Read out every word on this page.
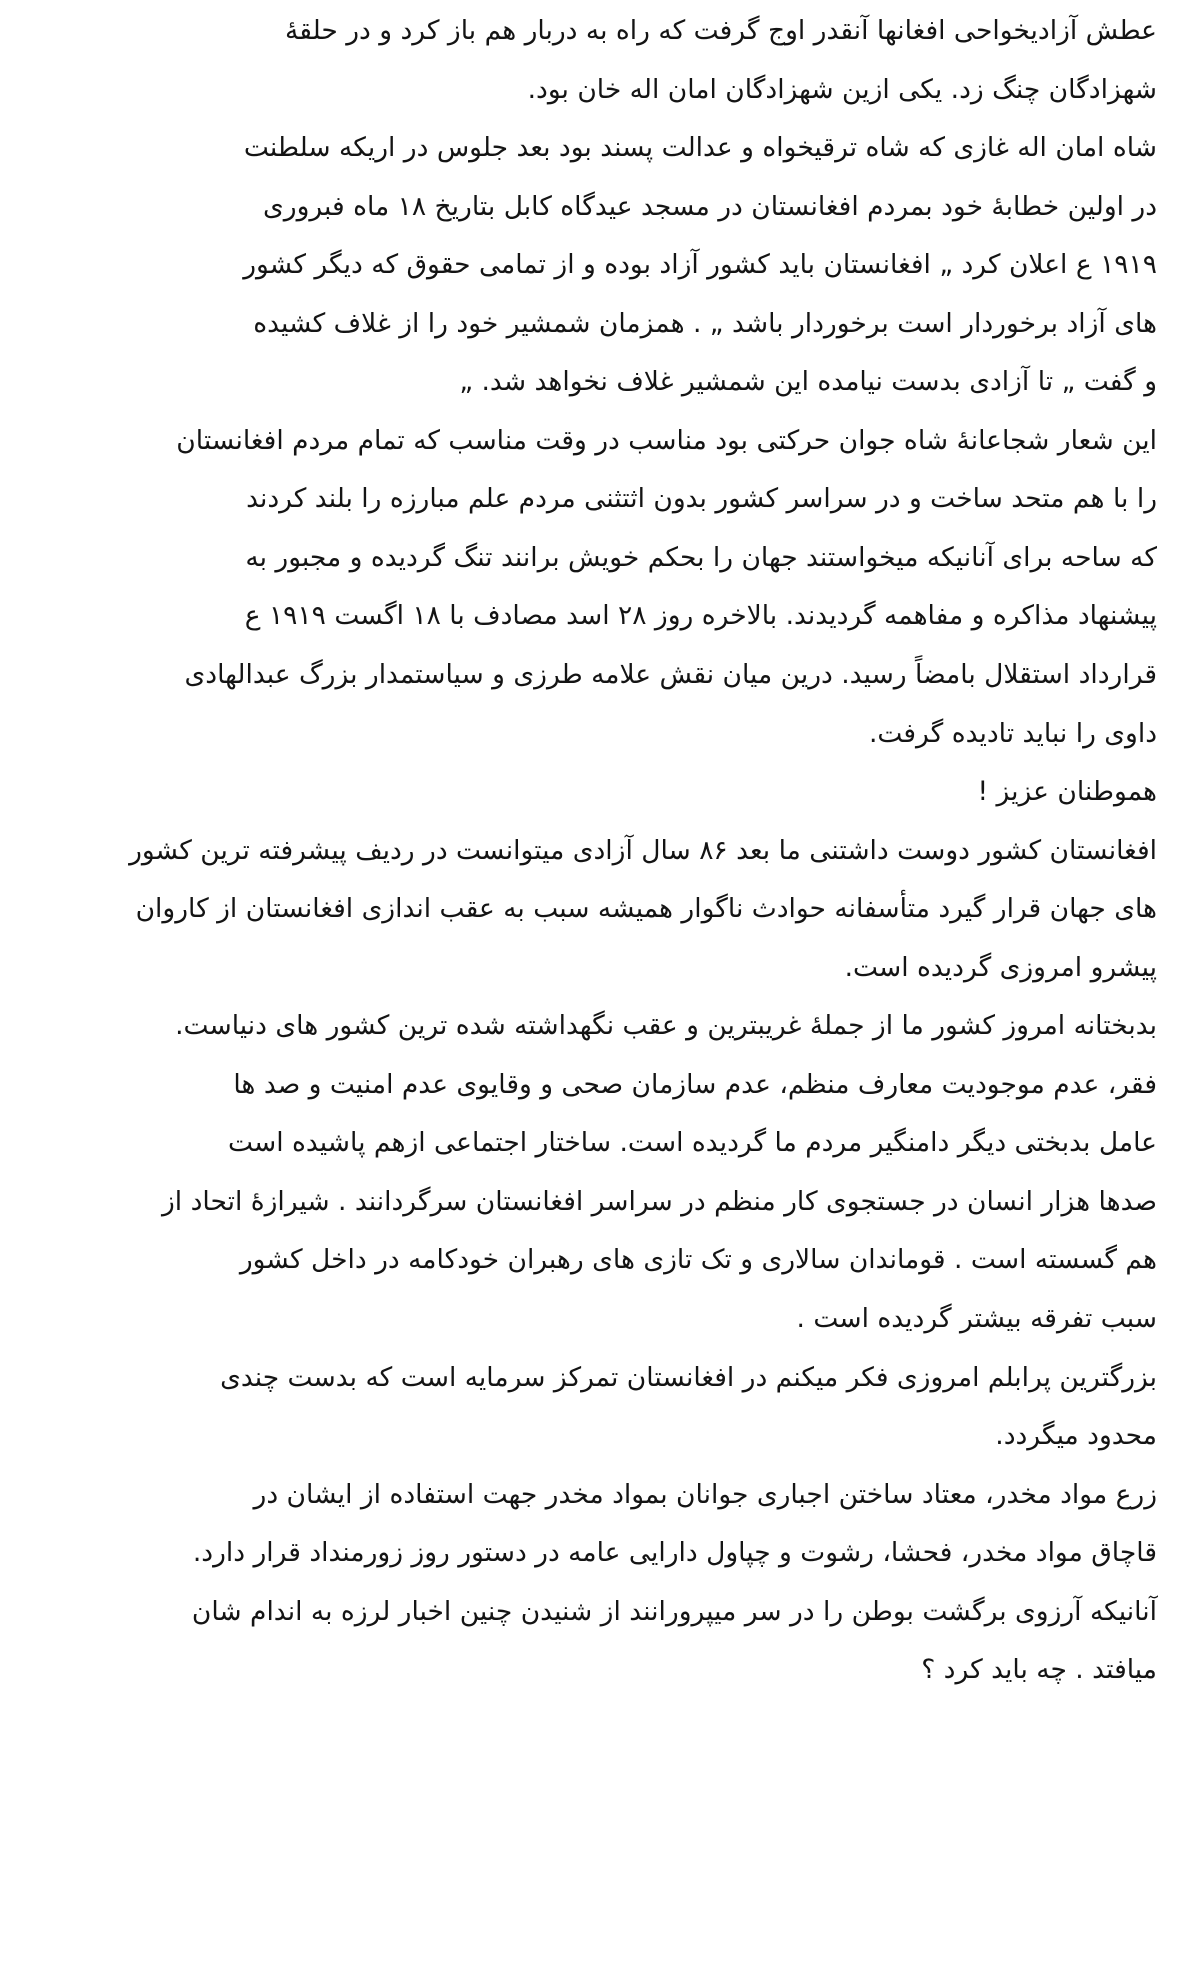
عطش آزادیخواحی افغانها آنقدر اوج گرفت که راه به دربار هم باز کرد و در حلقهٔ
شهزادگان چنگ زد. یکی ازین شهزادگان امان اله خان بود.
شاه امان اله غازی که شاه ترقیخواه و عدالت پسند بود بعد جلوس در اریکه سلطنت
در اولین خطابهٔ خود بمردم افغانستان در مسجد عیدگاه کابل بتاریخ ۱۸ ماه فبروری
۱۹۱۹ ع اعلان کرد „ افغانستان باید کشور آزاد بوده و از تمامی حقوق که دیگر کشور
های آزاد برخوردار است برخوردار باشد „ . همزمان شمشیر خود را از غلاف کشیده
و گفت „ تا آزادی بدست نیامده این شمشیر غلاف نخواهد شد. „
این شعار شجاعانهٔ شاه جوان حرکتی بود مناسب در وقت مناسب که تمام مردم افغانستان
را با هم متحد ساخت و در سراسر کشور بدون اثتثنی مردم علم مبارزه را بلند کردند
که ساحه برای آنانیکه میخواستند جهان را بحکم خویش برانند تنگ گردیده و مجبور به
پیشنهاد مذاکره و مفاهمه گردیدند. بالاخره روز ۲۸ اسد مصادف با ۱۸ اگست ۱۹۱۹ ع
قرارداد استقلال بامضاً رسید. درین میان نقش علامه طرزی و سیاستمدار بزرگ عبدالهادی
داوی را نباید تادیده گرفت.
هموطنان عزیز !
افغانستان کشور دوست داشتنی ما بعد ۸۶ سال آزادی میتوانست در ردیف پیشرفته ترین کشور
های جهان قرار گیرد متأسفانه حوادث ناگوار همیشه سبب به عقب اندازی افغانستان از کاروان
پیشرو امروزی گردیده است.
بدبختانه امروز کشور ما از جملهٔ غریبترین و عقب نگهداشته شده ترین کشور های دنیاست.
فقر، عدم موجودیت معارف منظم، عدم سازمان صحی و وقایوی عدم امنیت و صد ها
عامل بدبختی دیگر دامنگیر مردم ما گردیده است. ساختار اجتماعی ازهم پاشیده است
صدها هزار انسان در جستجوی کار منظم در سراسر افغانستان سرگردانند . شیرازهٔ اتحاد از
هم گسسته است . قوماندان سالاری و تک تازی های رهبران خودکامه در داخل کشور
سبب تفرقه بیشتر گردیده است .
بزرگترین پرابلم امروزی فکر میکنم در افغانستان تمرکز سرمایه است که بدست چندی
محدود میگردد.
زرع مواد مخدر، معتاد ساختن اجباری جوانان بمواد مخدر جهت استفاده از ایشان در
قاچاق مواد مخدر، فحشا، رشوت و چپاول دارایی عامه در دستور روز زورمنداد قرار دارد.
آنانیکه آرزوی برگشت بوطن را در سر میپرورانند از شنیدن چنین اخبار لرزه به اندام شان
میافتد . چه باید کرد ؟
